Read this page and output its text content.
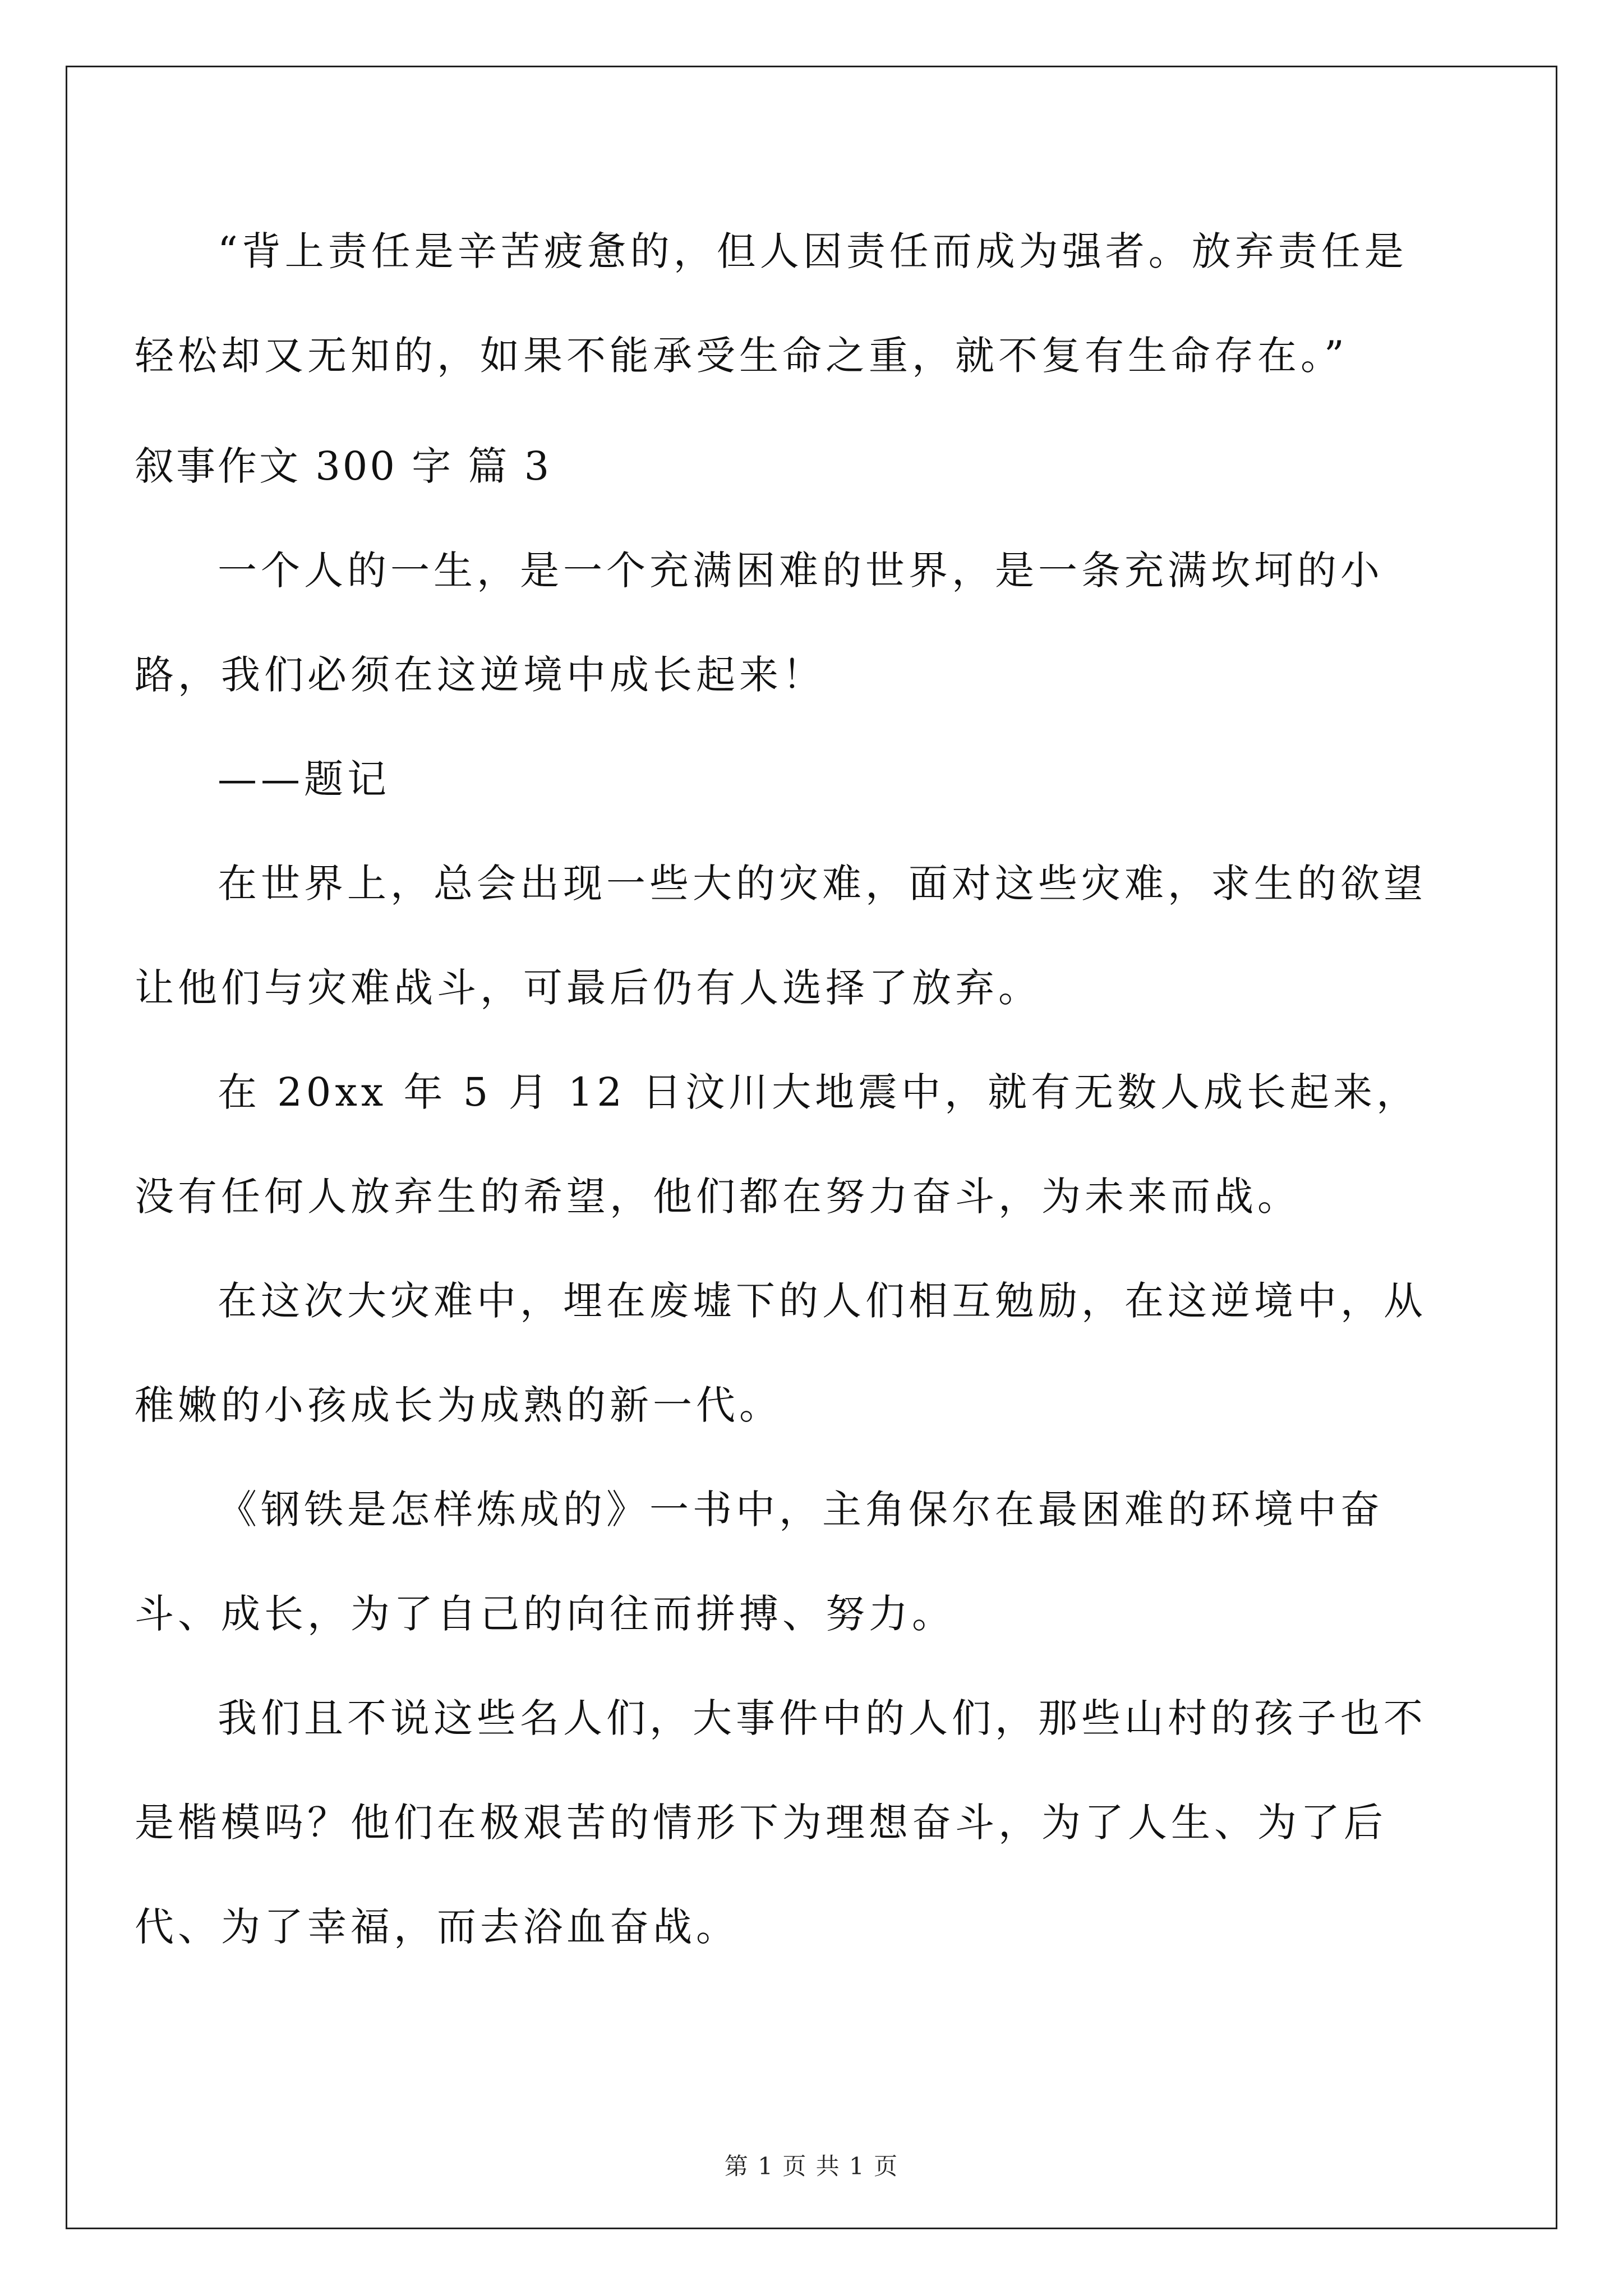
“背上责任是辛苦疲惫的，但人因责任而成为强者。放弃责任是
轻松却又无知的，如果不能承受生命之重，就不复有生命存在。”

叙事作文 300 字 篇 3

一个人的一生，是一个充满困难的世界，是一条充满坎坷的小路，我们必须在这逆境中成长起来！

——题记

在世界上，总会出现一些大的灾难，面对这些灾难，求生的欲望让他们与灾难战斗，可最后仍有人选择了放弃。

在 20xx 年 5 月 12 日汶川大地震中，就有无数人成长起来，没有任何人放弃生的希望，他们都在努力奋斗，为未来而战。

在这次大灾难中，埋在废墟下的人们相互勉励，在这逆境中，从稚嫩的小孩成长为成熟的新一代。

《钢铁是怎样炼成的》一书中，主角保尔在最困难的环境中奋斗、成长，为了自己的向往而拼搏、努力。

我们且不说这些名人们，大事件中的人们，那些山村的孩子也不是楷模吗？他们在极艰苦的情形下为理想奋斗，为了人生、为了后代、为了幸福，而去浴血奋战。

第 1 页 共 1 页
